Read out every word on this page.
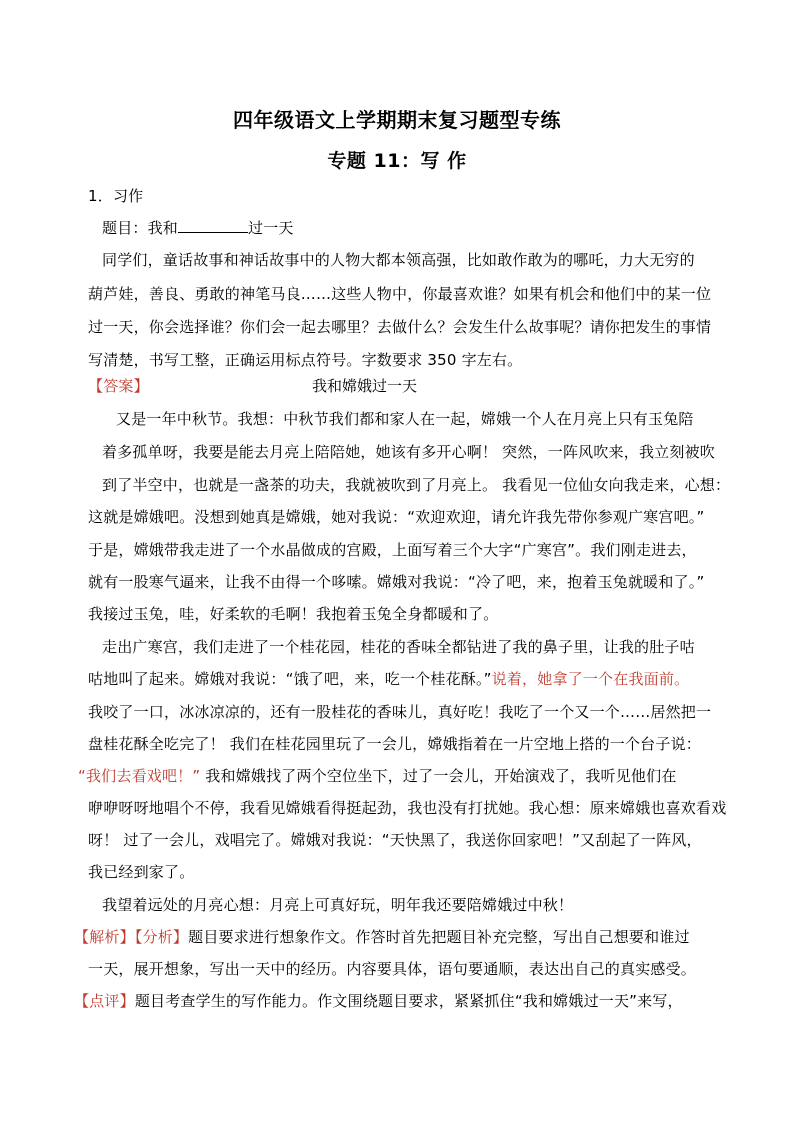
四年级语文上学期期末复习题型专练
专题 11：写 作
1．习作
题目：我和	过一天
同学们，童话故事和神话故事中的人物大都本领高强，比如敢作敢为的哪吒，力大无穷的
葫芦娃，善良、勇敢的神笔马良……这些人物中，你最喜欢谁？如果有机会和他们中的某一位
过一天，你会选择谁？你们会一起去哪里？去做什么？会发生什么故事呢？请你把发生的事情
写清楚，书写工整，正确运用标点符号。字数要求 350 字左右。
【答案】	我和嫦娥过一天
又是一年中秋节。我想：中秋节我们都和家人在一起，嫦娥一个人在月亮上只有玉兔陪
着多孤单呀，我要是能去月亮上陪陪她，她该有多开心啊！ 突然，一阵风吹来，我立刻被吹
到了半空中，也就是一盏茶的功夫，我就被吹到了月亮上。 我看见一位仙女向我走来，心想：
这就是嫦娥吧。没想到她真是嫦娥，她对我说：“欢迎欢迎，请允许我先带你参观广寒宫吧。”
于是，嫦娥带我走进了一个水晶做成的宫殿，上面写着三个大字“广寒宫”。我们刚走进去，
就有一股寒气逼来，让我不由得一个哆嗦。嫦娥对我说：“冷了吧，来，抱着玉兔就暖和了。”
我接过玉兔，哇，好柔软的毛啊！我抱着玉兔全身都暖和了。
走出广寒宫，我们走进了一个桂花园，桂花的香味全都钻进了我的鼻子里，让我的肚子咕
咕地叫了起来。嫦娥对我说：“饿了吧，来，吃一个桂花酥。”说着，她拿了一个在我面前。
我咬了一口，冰冰凉凉的，还有一股桂花的香味儿，真好吃！我吃了一个又一个……居然把一
盘桂花酥全吃完了！ 我们在桂花园里玩了一会儿，嫦娥指着在一片空地上搭的一个台子说：
“我们去看戏吧！” 我和嫦娥找了两个空位坐下，过了一会儿，开始演戏了，我听见他们在
咿咿呀呀地唱个不停，我看见嫦娥看得挺起劲，我也没有打扰她。我心想：原来嫦娥也喜欢看戏
呀！ 过了一会儿，戏唱完了。嫦娥对我说：“天快黑了，我送你回家吧！”又刮起了一阵风，
我已经到家了。
我望着远处的月亮心想：月亮上可真好玩，明年我还要陪嫦娥过中秋！
【解析】【分析】题目要求进行想象作文。作答时首先把题目补充完整，写出自己想要和谁过
一天，展开想象，写出一天中的经历。内容要具体，语句要通顺，表达出自己的真实感受。
【点评】题目考查学生的写作能力。作文围绕题目要求，紧紧抓住“我和嫦娥过一天”来写，
